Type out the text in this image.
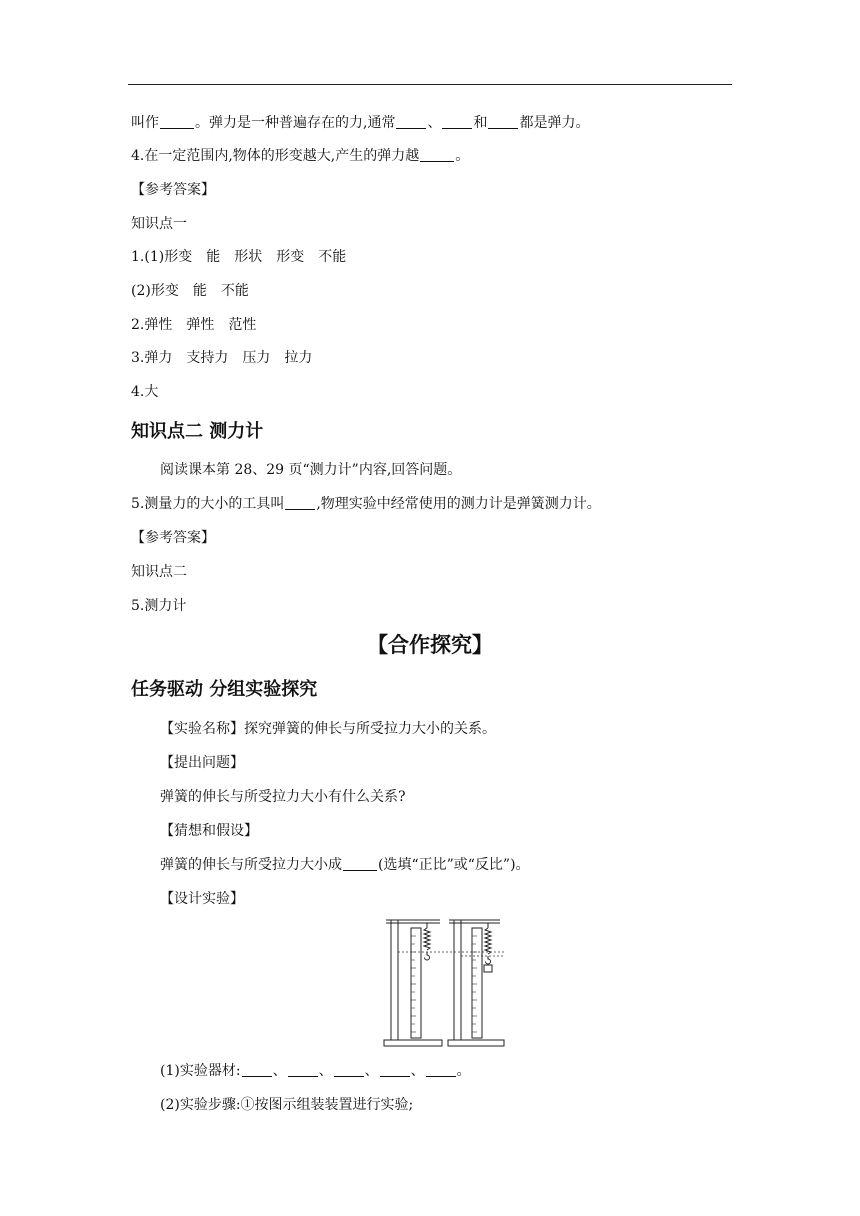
叫作	。弹力是一种普遍存在的力,通常 、 和 都是弹力。
4.在一定范围内,物体的形变越大,产生的弹力越	。
【参考答案】
知识点一
1.(1)形变　能　形状　形变　不能
(2)形变　能　不能
2.弹性　弹性　范性
3.弹力　支持力　压力　拉力
4.大
知识点二 测力计
阅读课本第 28、29 页“测力计”内容,回答问题。
5.测量力的大小的工具叫 ,物理实验中经常使用的测力计是弹簧测力计。
【参考答案】
知识点二
5.测力计
【合作探究】
任务驱动 分组实验探究
【实验名称】探究弹簧的伸长与所受拉力大小的关系。
【提出问题】
弹簧的伸长与所受拉力大小有什么关系?
【猜想和假设】
弹簧的伸长与所受拉力大小成	(选填“正比”或“反比”)。
【设计实验】
(1)实验器材: 、 、 、 、 。
(2)实验步骤:①按图示组装装置进行实验;
